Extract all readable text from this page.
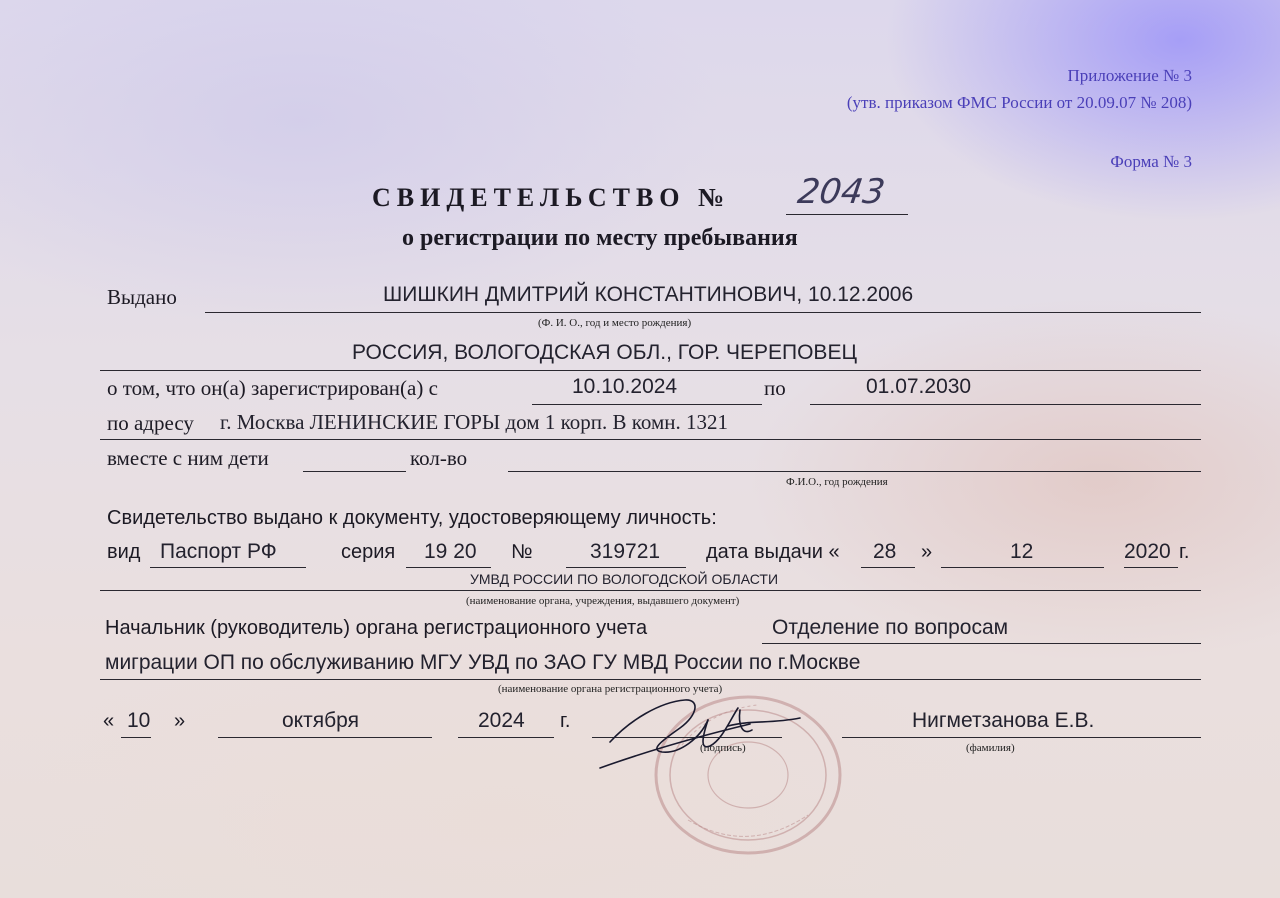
Приложение № 3
(утв. приказом ФМС России от 20.09.07 № 208)
Форма № 3
СВИДЕТЕЛЬСТВО № 2043
о регистрации по месту пребывания
Выдано	ШИШКИН ДМИТРИЙ КОНСТАНТИНОВИЧ, 10.12.2006
(Ф. И. О., год и место рождения)
РОССИЯ, ВОЛОГОДСКАЯ ОБЛ., ГОР. ЧЕРЕПОВЕЦ
о том, что он(а) зарегистрирован(а) с	10.10.2024	по	01.07.2030
по адресу г. Москва ЛЕНИНСКИЕ ГОРЫ дом 1 корп. В комн. 1321
вместе с ним дети	кол-во
Ф.И.О., год рождения
Свидетельство выдано к документу, удостоверяющему личность:
вид Паспорт РФ	серия 19 20 №	319721 дата выдачи « 28 »	12	2020 г.
УМВД РОССИИ ПО ВОЛОГОДСКОЙ ОБЛАСТИ
(наименование органа, учреждения, выдавшего документ)
Начальник (руководитель) органа регистрационного учета	Отделение по вопросам
миграции ОП по обслуживанию МГУ УВД по ЗАО ГУ МВД России по г.Москве
(наименование органа регистрационного учета)
« 10 »	октября	2024 г.
(подпись)
Нигметзанова Е.В.
(фамилия)
